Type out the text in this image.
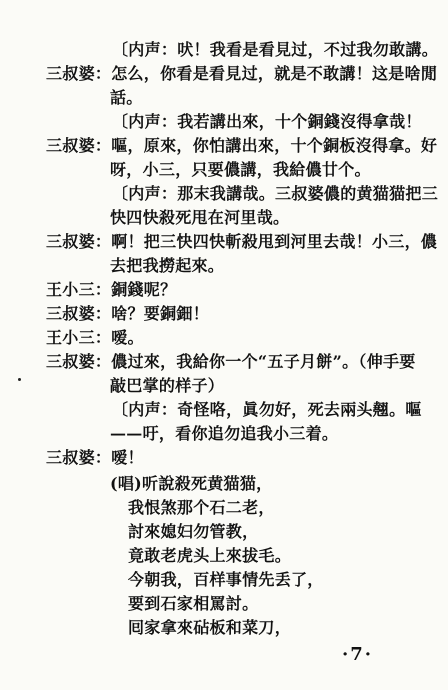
〔内声：吠！我看是看見过，不过我勿敢講。
三叔婆：怎么，你看是看見过，就是不敢講！这是啥閒
話。
〔内声：我若講出來，十个銅錢沒得拿哉！
三叔婆：嘔，原來，你怕講出來，十个銅板沒得拿。好
呀，小三，只要儂講，我給儂廿个。
〔内声：那末我講哉。三叔婆儂的黄猫猫把三
快四快殺死甩在河里哉。
三叔婆：啊！把三快四快斬殺甩到河里去哉！小三，儂
去把我撈起來。
王小三：銅錢呢？
三叔婆：啥？要銅鈿！
王小三：嗳。
三叔婆：儂过來，我給你一个“五子月餅”。（伸手要
敲巴掌的样子）
〔内声：奇怪咯，眞勿好，死去兩头翹。嘔
——吁，看你追勿追我小三着。
三叔婆：嗳！
(唱)听說殺死黄猫猫，
我恨煞那个石二老，
討來媳妇勿管教，
竟敢老虎头上來拔毛。
今朝我，百样事情先丢了，
要到石家相罵討。
囘家拿來砧板和菜刀，
·7·
